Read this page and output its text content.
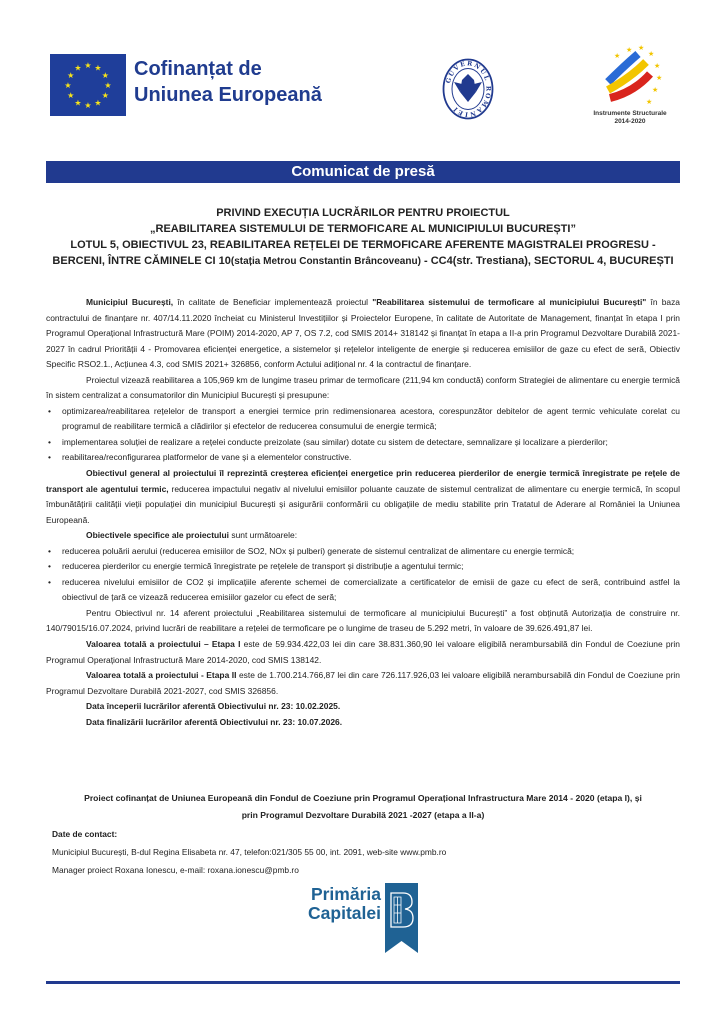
★ ★
★
★
★
★
★
★
★
★
★
★	Cofinanțat de
Uniunea Europeană
GUVERNUL ROMÂNIEI
★ ★
★
★
★
★
★
★
Instrumente Structurale
2014-2020
Comunicat de presă
PRIVIND EXECUȚIA LUCRĂRILOR PENTRU PROIECTUL
„REABILITAREA SISTEMULUI DE TERMOFICARE AL MUNICIPIULUI BUCUREȘTI”
LOTUL 5, OBIECTIVUL 23, REABILITAREA REȚELEI DE TERMOFICARE AFERENTE MAGISTRALEI PROGRESU - BERCENI, ÎNTRE CĂMINELE CI 10(stația Metrou Constantin Brâncoveanu) - CC4(str. Trestiana), SECTORUL 4, BUCUREȘTI

Municipiul București, în calitate de Beneficiar implementează proiectul "Reabilitarea sistemului de termoficare al municipiului București" în baza contractului de finanțare nr. 407/14.11.2020 încheiat cu Ministerul Investițiilor și Proiectelor Europene, în calitate de Autoritate de Management, finanțat în etapa I prin Programul Operațional Infrastructură Mare (POIM) 2014-2020, AP 7, OS 7.2, cod SMIS 2014+ 318142 și finanțat în etapa a II-a prin Programul Dezvoltare Durabilă 2021-2027 în cadrul Priorității 4 - Promovarea eficienței energetice, a sistemelor și rețelelor inteligente de energie și reducerea emisiilor de gaze cu efect de seră, Obiectiv Specific RSO2.1., Acțiunea 4.3, cod SMIS 2021+ 326856, conform Actului adițional nr. 4 la contractul de finanțare.

Proiectul vizează reabilitarea a 105,969 km de lungime traseu primar de termoficare (211,94 km conductă) conform Strategiei de alimentare cu energie termică în sistem centralizat a consumatorilor din Municipiul București și presupune:

• optimizarea/reabilitarea rețelelor de transport a energiei termice prin redimensionarea acestora, corespunzător debitelor de agent termic vehiculate corelat cu programul de reabilitare termică a clădirilor și efectelor de reducerea consumului de energie termică;
• implementarea soluției de realizare a rețelei conducte preizolate (sau similar) dotate cu sistem de detectare, semnalizare și localizare a pierderilor;
• reabilitarea/reconfigurarea platformelor de vane și a elementelor constructive.

Obiectivul general al proiectului îl reprezintă creșterea eficienței energetice prin reducerea pierderilor de energie termică înregistrate pe rețele de transport ale agentului termic, reducerea impactului negativ al nivelului emisiilor poluante cauzate de sistemul centralizat de alimentare cu energie termică, în scopul îmbunătățirii calității vieții populației din municipiul București și asigurării conformării cu obligațiile de mediu stabilite prin Tratatul de Aderare al României la Uniunea Europeană.

Obiectivele specifice ale proiectului sunt următoarele:

• reducerea poluării aerului (reducerea emisiilor de SO2, NOx și pulberi) generate de sistemul centralizat de alimentare cu energie termică;
• reducerea pierderilor cu energie termică înregistrate pe rețelele de transport și distribuție a agentului termic;
• reducerea nivelului emisiilor de CO2 și implicațiile aferente schemei de comercializate a certificatelor de emisii de gaze cu efect de seră, contribuind astfel la obiectivul de țară ce vizează reducerea emisiilor gazelor cu efect de seră;

Pentru Obiectivul nr. 14 aferent proiectului „Reabilitarea sistemului de termoficare al municipiului București” a fost obținută Autorizația de construire nr. 140/79015/16.07.2024, privind lucrări de reabilitare a rețelei de termoficare pe o lungime de traseu de 5.292 metri, în valoare de 39.626.491,87 lei.

Valoarea totală a proiectului – Etapa I este de 59.934.422,03 lei din care 38.831.360,90 lei valoare eligibilă nerambursabilă din Fondul de Coeziune prin Programul Operațional Infrastructură Mare 2014-2020, cod SMIS 138142.

Valoarea totală a proiectului - Etapa II este de 1.700.214.766,87 lei din care 726.117.926,03 lei valoare eligibilă nerambursabilă din Fondul de Coeziune prin Programul Dezvoltare Durabilă 2021-2027, cod SMIS 326856.

Data începerii lucrărilor aferentă Obiectivului nr. 23: 10.02.2025.

Data finalizării lucrărilor aferentă Obiectivului nr. 23: 10.07.2026.

Proiect cofinanțat de Uniunea Europeană din Fondul de Coeziune prin Programul Operațional Infrastructura Mare 2014 - 2020 (etapa I), și
prin Programul Dezvoltare Durabilă 2021 -2027 (etapa a II-a)
Date de contact:
Municipiul București, B-dul Regina Elisabeta nr. 47, telefon:021/305 55 00, int. 2091, web-site www.pmb.ro
Manager proiect Roxana Ionescu, e-mail: roxana.ionescu@pmb.ro
Primăria
Capitalei
